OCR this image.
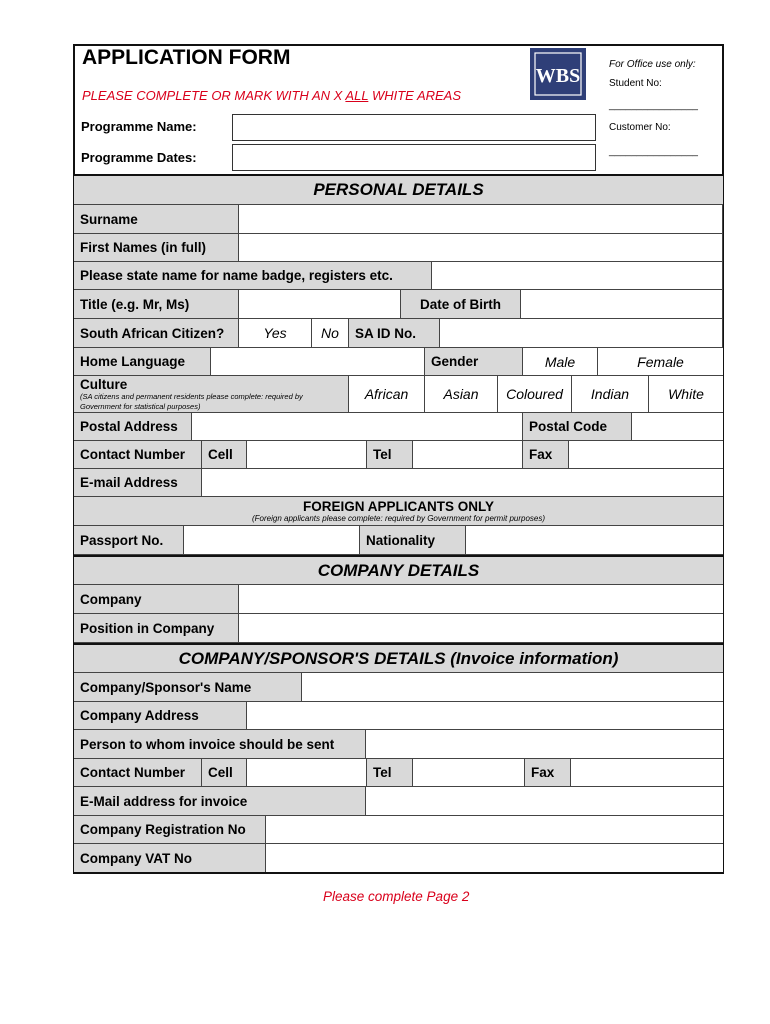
APPLICATION FORM
PLEASE COMPLETE OR MARK WITH AN X ALL WHITE AREAS
Programme Name:
Programme Dates:
WBS
For Office use only:
Student No:
________________
Customer No:
________________
PERSONAL DETAILS
Surname
First Names (in full)
Please state name for name badge, registers etc.
Title (e.g. Mr, Ms)	Date of Birth
South African Citizen?	Yes	No	SA ID No.
Home Language	Gender	Male	Female
Culture
(SA citizens and permanent residents please complete: required by Government for statistical purposes)
African	Asian	Coloured	Indian	White
Postal Address	Postal Code
Contact Number	Cell	Tel	Fax
E-mail Address
FOREIGN APPLICANTS ONLY
(Foreign applicants please complete: required by Government for permit purposes)
Passport No.	Nationality
COMPANY DETAILS
Company
Position in Company
COMPANY/SPONSOR'S DETAILS (Invoice information)
Company/Sponsor's Name
Company Address
Person to whom invoice should be sent
Contact Number	Cell	Tel	Fax
E-Mail address for invoice
Company Registration No
Company VAT No
Please complete Page 2
